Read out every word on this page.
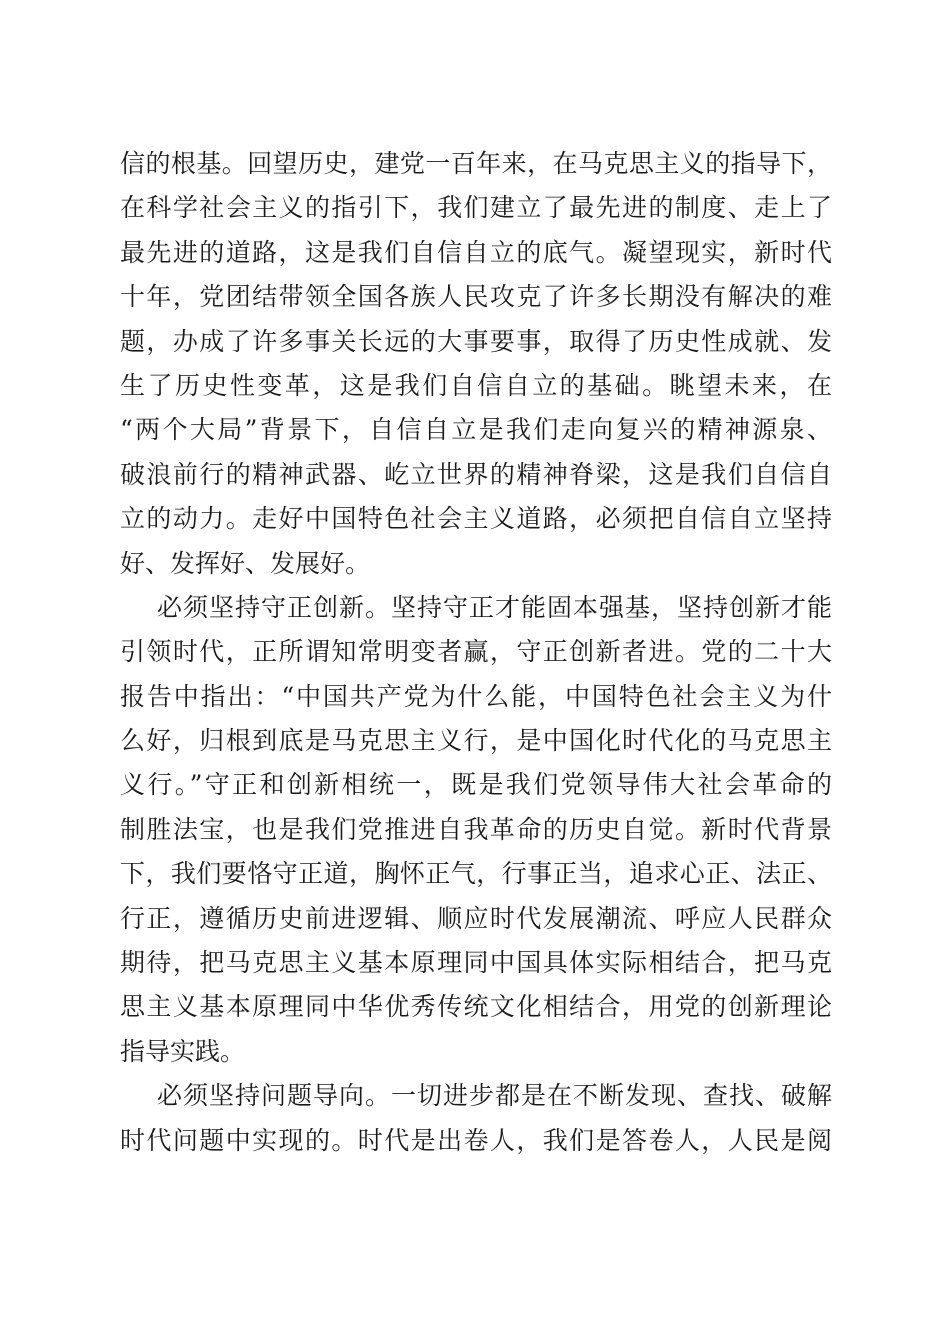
信的根基。回望历史，建党一百年来，在马克思主义的指导下，
在科学社会主义的指引下，我们建立了最先进的制度、走上了
最先进的道路，这是我们自信自立的底气。凝望现实，新时代
十年，党团结带领全国各族人民攻克了许多长期没有解决的难
题，办成了许多事关长远的大事要事，取得了历史性成就、发
生了历史性变革，这是我们自信自立的基础。眺望未来，在
“两个大局”背景下，自信自立是我们走向复兴的精神源泉、
破浪前行的精神武器、屹立世界的精神脊梁，这是我们自信自
立的动力。走好中国特色社会主义道路，必须把自信自立坚持
好、发挥好、发展好。
必须坚持守正创新。坚持守正才能固本强基，坚持创新才能
引领时代，正所谓知常明变者赢，守正创新者进。党的二十大
报告中指出：“中国共产党为什么能，中国特色社会主义为什
么好，归根到底是马克思主义行，是中国化时代化的马克思主
义行。”守正和创新相统一，既是我们党领导伟大社会革命的
制胜法宝，也是我们党推进自我革命的历史自觉。新时代背景
下，我们要恪守正道，胸怀正气，行事正当，追求心正、法正、
行正，遵循历史前进逻辑、顺应时代发展潮流、呼应人民群众
期待，把马克思主义基本原理同中国具体实际相结合，把马克
思主义基本原理同中华优秀传统文化相结合，用党的创新理论
指导实践。
必须坚持问题导向。一切进步都是在不断发现、查找、破解
时代问题中实现的。时代是出卷人，我们是答卷人，人民是阅
